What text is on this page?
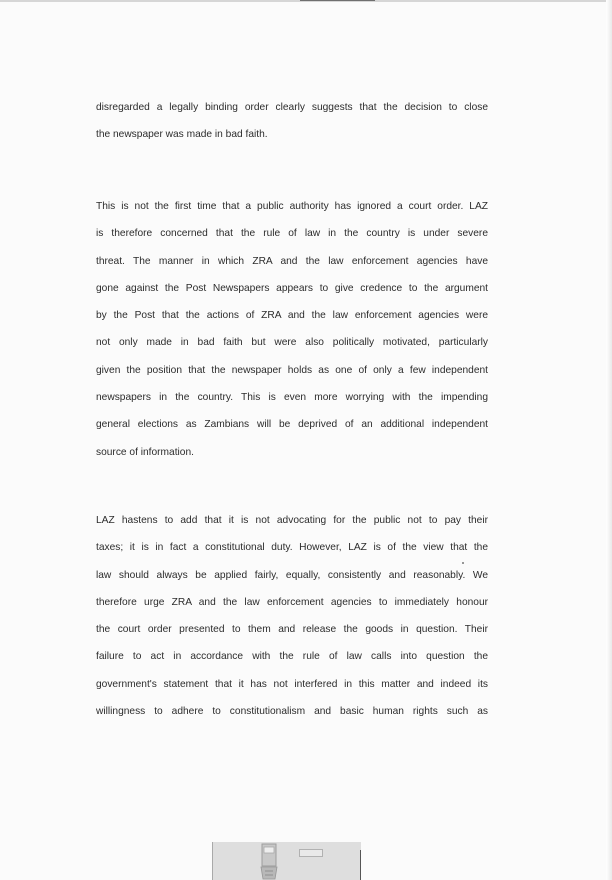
disregarded a legally binding order clearly suggests that the decision to close
the newspaper was made in bad faith.
This is not the first time that a public authority has ignored a court order. LAZ
is therefore concerned that the rule of law in the country is under severe
threat. The manner in which ZRA and the law enforcement agencies have
gone against the Post Newspapers appears to give credence to the argument
by the Post that the actions of ZRA and the law enforcement agencies were
not only made in bad faith but were also politically motivated, particularly
given the position that the newspaper holds as one of only a few independent
newspapers in the country. This is even more worrying with the impending
general elections as Zambians will be deprived of an additional independent
source of information.
LAZ hastens to add that it is not advocating for the public not to pay their
taxes; it is in fact a constitutional duty. However, LAZ is of the view that the
law should always be applied fairly, equally, consistently and reasonably. We
therefore urge ZRA and the law enforcement agencies to immediately honour
the court order presented to them and release the goods in question. Their
failure to act in accordance with the rule of law calls into question the
government's statement that it has not interfered in this matter and indeed its
willingness to adhere to constitutionalism and basic human rights such as
